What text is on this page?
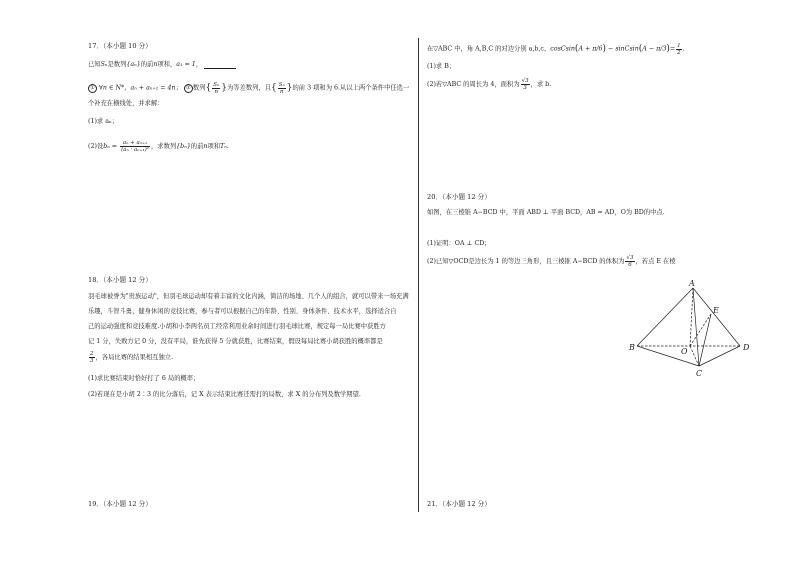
17．（本小题 10 分）
已知Sₙ是数列{aₙ}的前n项和，a₁ = 1，
① ∀n ∈ N*，aₙ + aₙ₊₁ = 4n； ② 数列{ $\frac{\text{Sₙ}}{n}$ }为等差数列，且{ $\frac{\text{Sₙ}}{n}$ }的前 3 项和为 6.从以上两个条件中任选一
个补充在横线处，并求解：
(1)求 aₙ；
(2)设$b_n = \frac{\text{aₙ + aₙ₊₁}}{\text{(aₙ · aₙ₊₁)²}}$ ，求数列{bₙ}的前n项和Tₙ.
18．（本小题 12 分）
羽毛球被誉为"贵族运动"，但羽毛球运动却有着丰富的文化内涵，简洁的场地、几个人的组合，就可以带来一场充满
乐趣，斗智斗勇，健身休闲的竞技比赛，参与者可以根据自己的年龄、性别、身体条件、技术水平，选择适合自
己的运动强度和竞技难度.小胡和小李两名员工经常利用业余时间进行羽毛球比赛，规定每一局比赛中获胜方
记 1 分，失败方记 0 分，没有平局，谁先获得 5 分就获胜，比赛结束，假设每局比赛小胡获胜的概率都是
$\frac{2}{3}$ ，各局比赛的结果相互独立.
(1)求比赛结束时恰好打了 6 局的概率；
(2)若现在是小胡 2∶3 的比分落后，记 X 表示结束比赛还需打的局数，求 X 的分布列及数学期望.
19．（本小题 12 分）
在▽ABC 中，角 A,B,C 的对边分别 a,b,c，cosCsin(A + π/6) − sinCsin(A − $\pi/3)= \frac{1}{2}$ .
(1)求 B；
(2)若▽ABC 的周长为 4，面积为 $\frac{√3}{3}$ ，求 b.
20．（本小题 12 分）
如图，在三棱锥 A−BCD 中，平面 ABD ⊥ 平面 BCD，AB = AD，O为 BD的中点.
(1)证明：OA ⊥ CD；
(2)已知▽OCD是边长为 1 的等边三角形，且三棱锥 A−BCD 的体积为 $\frac{√3}{6}$ ，若点 E 在棱
A
B
C
D
E
O
21．（本小题 12 分）
